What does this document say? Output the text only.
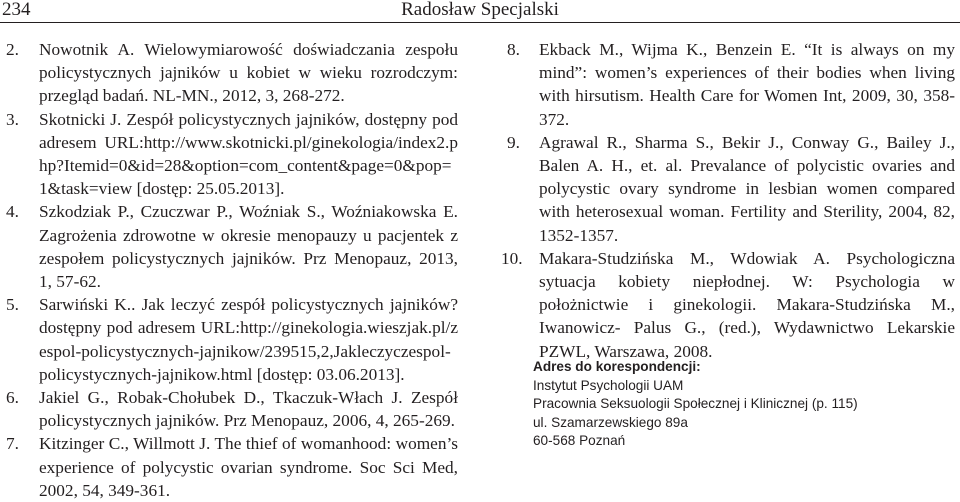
234	Radosław Specjalski
2. Nowotnik A. Wielowymiarowość doświadczania zespołu policystycznych jajników u kobiet w wieku rozrodczym: przegląd badań. NL-MN., 2012, 3, 268-272.
3. Skotnicki J. Zespół policystycznych jajników, dostępny pod adresem URL:http://www.skotnicki.pl/ginekologia/index2.php?Itemid=0&id=28&option=com_content&page=0&pop=1&task=view [dostęp: 25.05.2013].
4. Szkodziak P., Czuczwar P., Woźniak S., Woźniakowska E. Zagrożenia zdrowotne w okresie menopauzy u pacjentek z zespołem policystycznych jajników. Prz Menopauz, 2013, 1, 57-62.
5. Sarwiński K.. Jak leczyć zespół policystycznych jajników? dostępny pod adresem URL:http://ginekologia.wieszjak.pl/zespol-policystycznych-jajnikow/239515,2,Jakleczyczespol- policystycznych-jajnikow.html [dostęp: 03.06.2013].
6. Jakiel G., Robak-Chołubek D., Tkaczuk-Włach J. Zespół policystycznych jajników. Prz Menopauz, 2006, 4, 265-269.
7. Kitzinger C., Willmott J. The thief of womanhood: women’s experience of polycystic ovarian syndrome. Soc Sci Med, 2002, 54, 349-361.
8. Ekback M., Wijma K., Benzein E. “It is always on my mind”: women’s experiences of their bodies when living with hirsutism. Health Care for Women Int, 2009, 30, 358-372.
9. Agrawal R., Sharma S., Bekir J., Conway G., Bailey J., Balen A. H., et. al. Prevalance of polycistic ovaries and polycystic ovary syndrome in lesbian women compared with heterosexual woman. Fertility and Sterility, 2004, 82, 1352-1357.
10. Makara-Studzińska M., Wdowiak A. Psychologiczna sytuacja kobiety niepłodnej. W: Psychologia w położnictwie i ginekologii. Makara-Studzińska M., Iwanowicz- Palus G., (red.), Wydawnictwo Lekarskie PZWL, Warszawa, 2008.
Adres do korespondencji:
Instytut Psychologii UAM
Pracownia Seksuologii Społecznej i Klinicznej (p. 115)
ul. Szamarzewskiego 89a
60-568 Poznań
